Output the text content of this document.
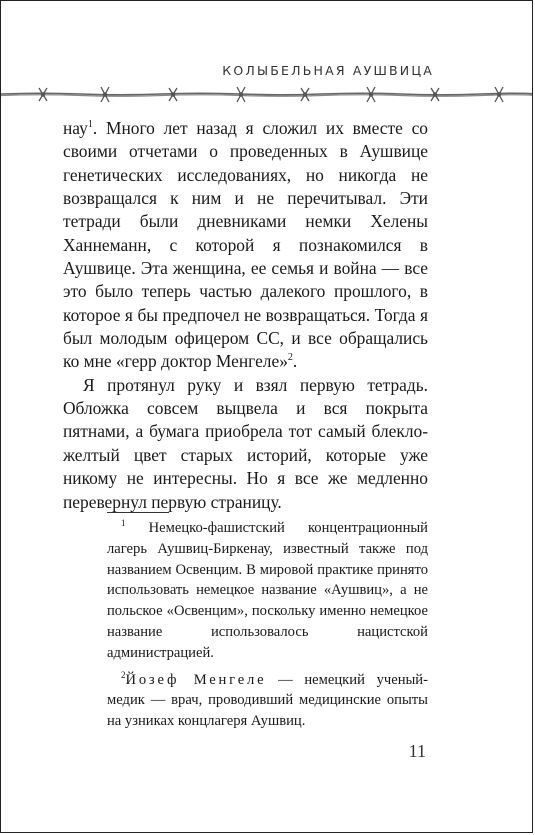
КОЛЫБЕЛЬНАЯ АУШВИЦА

нау$^1$. Много лет назад я сложил их вместе со своими отчетами о проведенных в Аушвице генетических исследованиях, но никогда не возвращался к ним и не перечитывал. Эти тетради были дневниками немки Хелены Ханнеманн, с которой я познакомился в Аушвице. Эта женщина, ее семья и война — все это было теперь частью далекого прошлого, в которое я бы предпочел не возвращаться. Тогда я был молодым офицером СС, и все обращались ко мне «герр доктор Менгеле»$^2$.

Я протянул руку и взял первую тетрадь. Обложка совсем выцвела и вся покрыта пятнами, а бумага приобрела тот самый блекло-желтый цвет старых историй, которые уже никому не интересны. Но я все же медленно перевернул первую страницу.

$^1$ Немецко-фашистский концентрационный лагерь Аушвиц-Биркенау, известный также под названием Освенцим. В мировой практике принято использовать немецкое название «Аушвиц», а не польское «Освенцим», поскольку именно немецкое название использовалось нацистской администрацией.

$^2$Йозеф Менгеле — немецкий ученый-медик — врач, проводивший медицинские опыты на узниках концлагеря Аушвиц.

11
